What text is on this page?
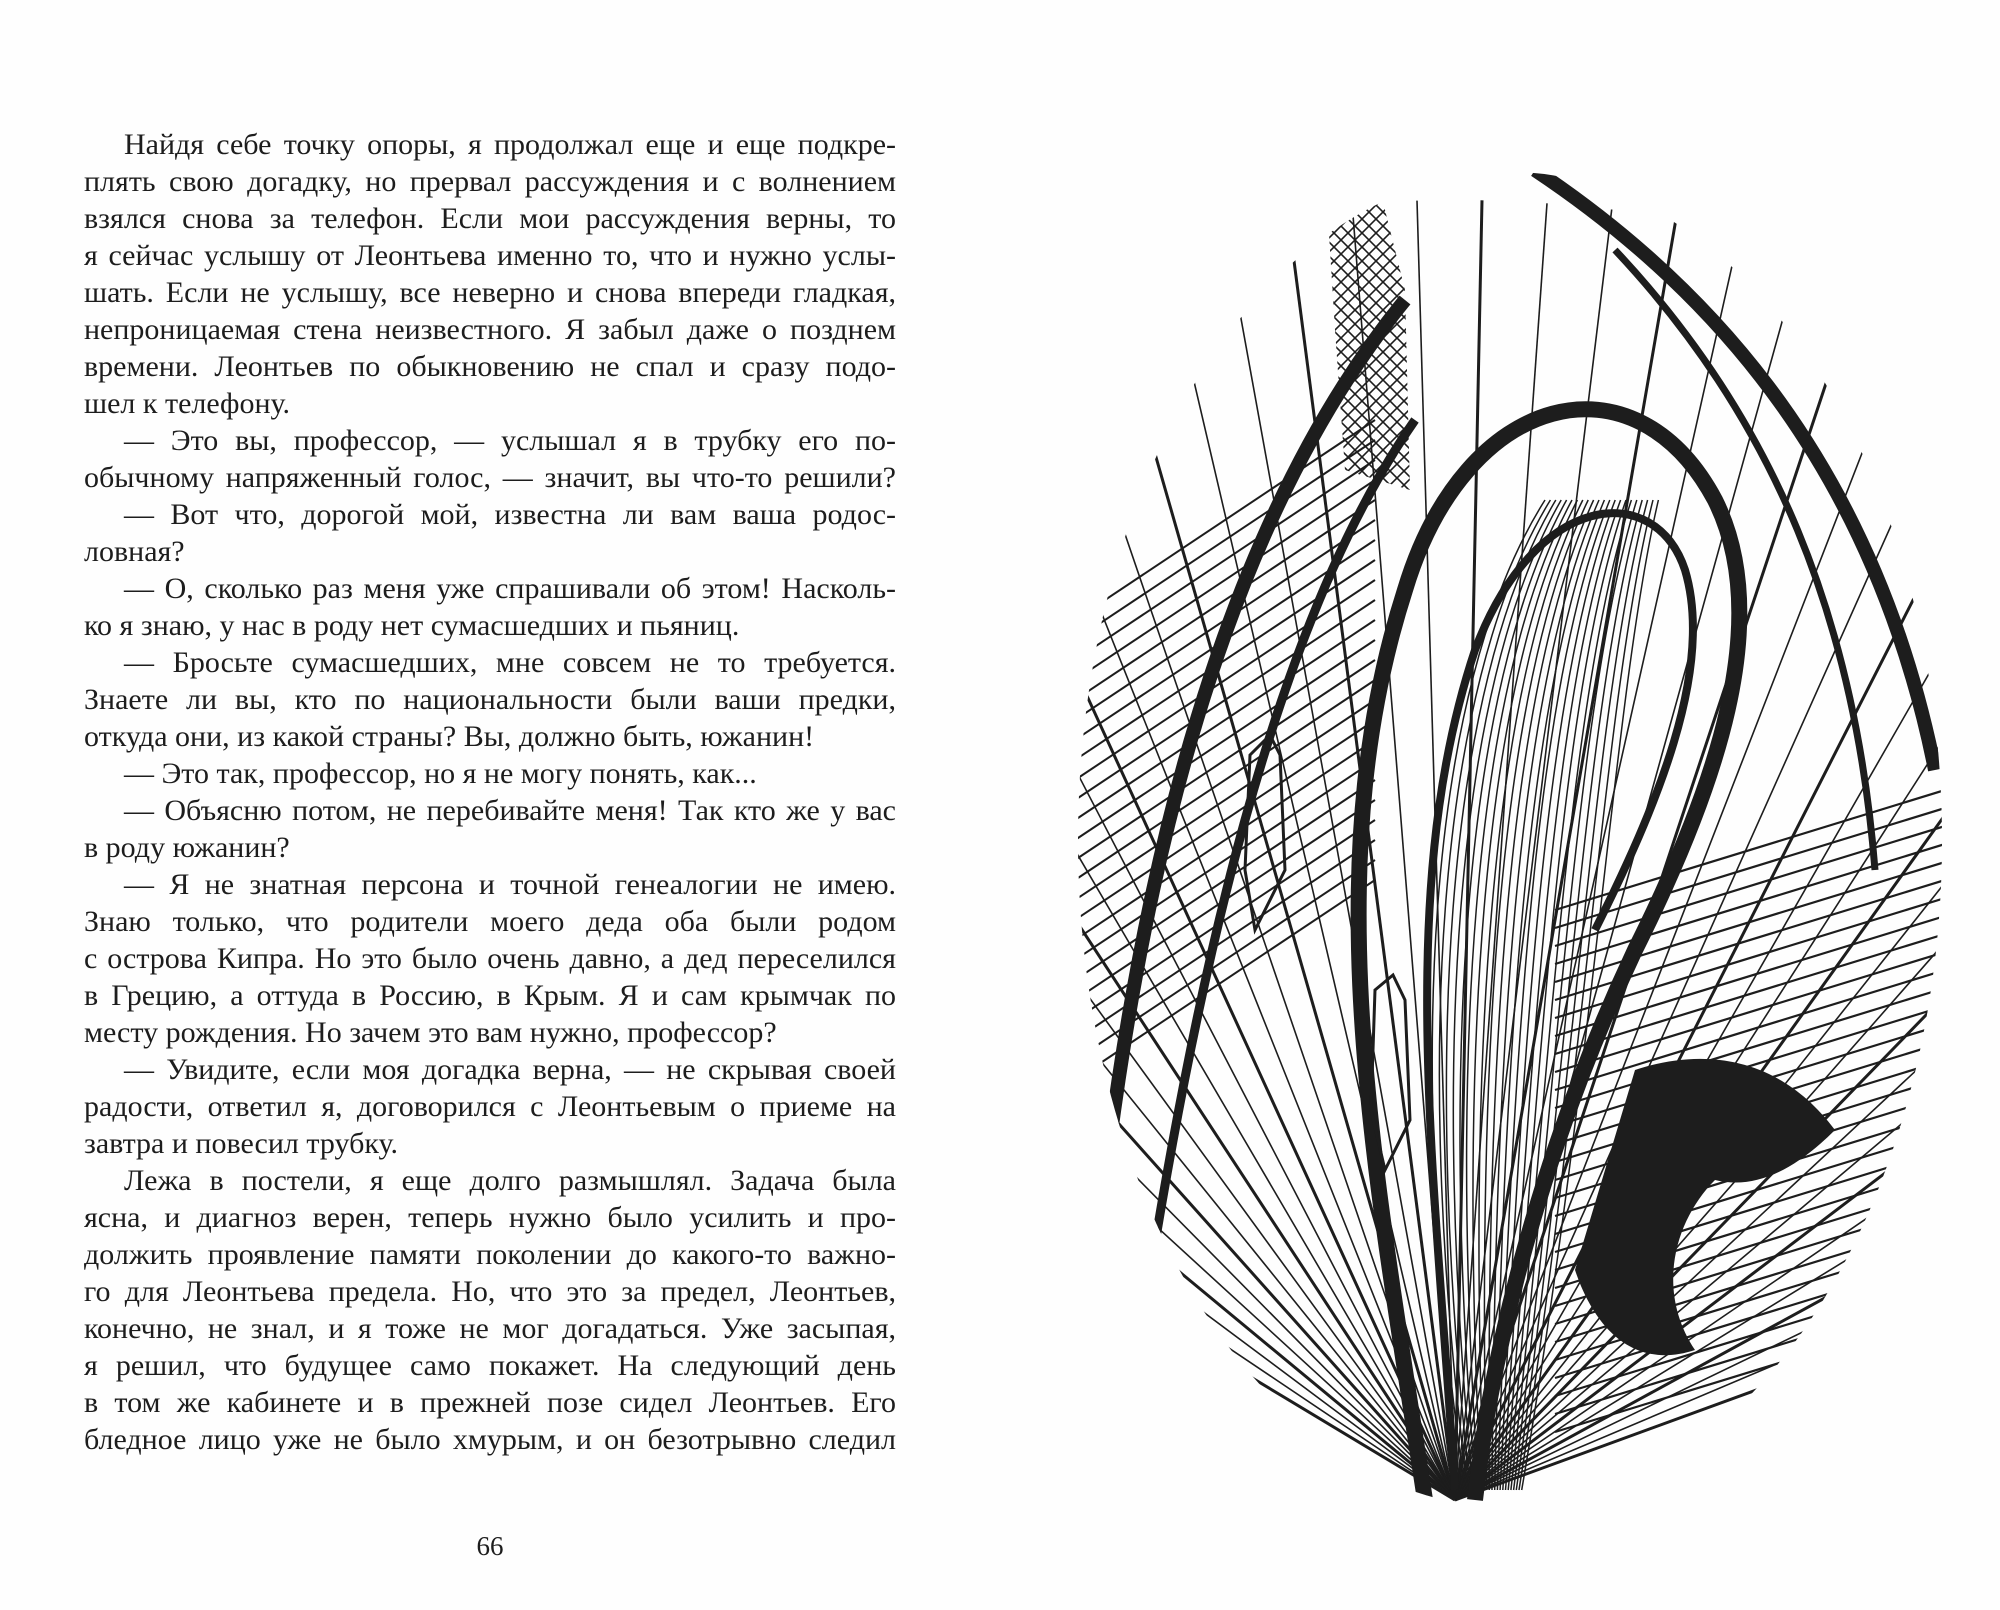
Найдя себе точку опоры, я продолжал еще и еще подкре-
плять свою догадку, но прервал рассуждения и с волнением
взялся снова за телефон. Если мои рассуждения верны, то
я сейчас услышу от Леонтьева именно то, что и нужно услы-
шать. Если не услышу, все неверно и снова впереди гладкая,
непроницаемая стена неизвестного. Я забыл даже о позднем
времени. Леонтьев по обыкновению не спал и сразу подо-
шел к телефону.
— Это вы, профессор, — услышал я в трубку его по-
обычному напряженный голос, — значит, вы что-то решили?
— Вот что, дорогой мой, известна ли вам ваша родос-
ловная?
— О, сколько раз меня уже спрашивали об этом! Насколь-
ко я знаю, у нас в роду нет сумасшедших и пьяниц.
— Бросьте сумасшедших, мне совсем не то требуется.
Знаете ли вы, кто по национальности были ваши предки,
откуда они, из какой страны? Вы, должно быть, южанин!
— Это так, профессор, но я не могу понять, как...
— Объясню потом, не перебивайте меня! Так кто же у вас
в роду южанин?
— Я не знатная персона и точной генеалогии не имею.
Знаю только, что родители моего деда оба были родом
с острова Кипра. Но это было очень давно, а дед переселился
в Грецию, а оттуда в Россию, в Крым. Я и сам крымчак по
месту рождения. Но зачем это вам нужно, профессор?
— Увидите, если моя догадка верна, — не скрывая своей
радости, ответил я, договорился с Леонтьевым о приеме на
завтра и повесил трубку.
Лежа в постели, я еще долго размышлял. Задача была
ясна, и диагноз верен, теперь нужно было усилить и про-
должить проявление памяти поколении до какого-то важно-
го для Леонтьева предела. Но, что это за предел, Леонтьев,
конечно, не знал, и я тоже не мог догадаться. Уже засыпая,
я решил, что будущее само покажет. На следующий день
в том же кабинете и в прежней позе сидел Леонтьев. Его
бледное лицо уже не было хмурым, и он безотрывно следил
66
